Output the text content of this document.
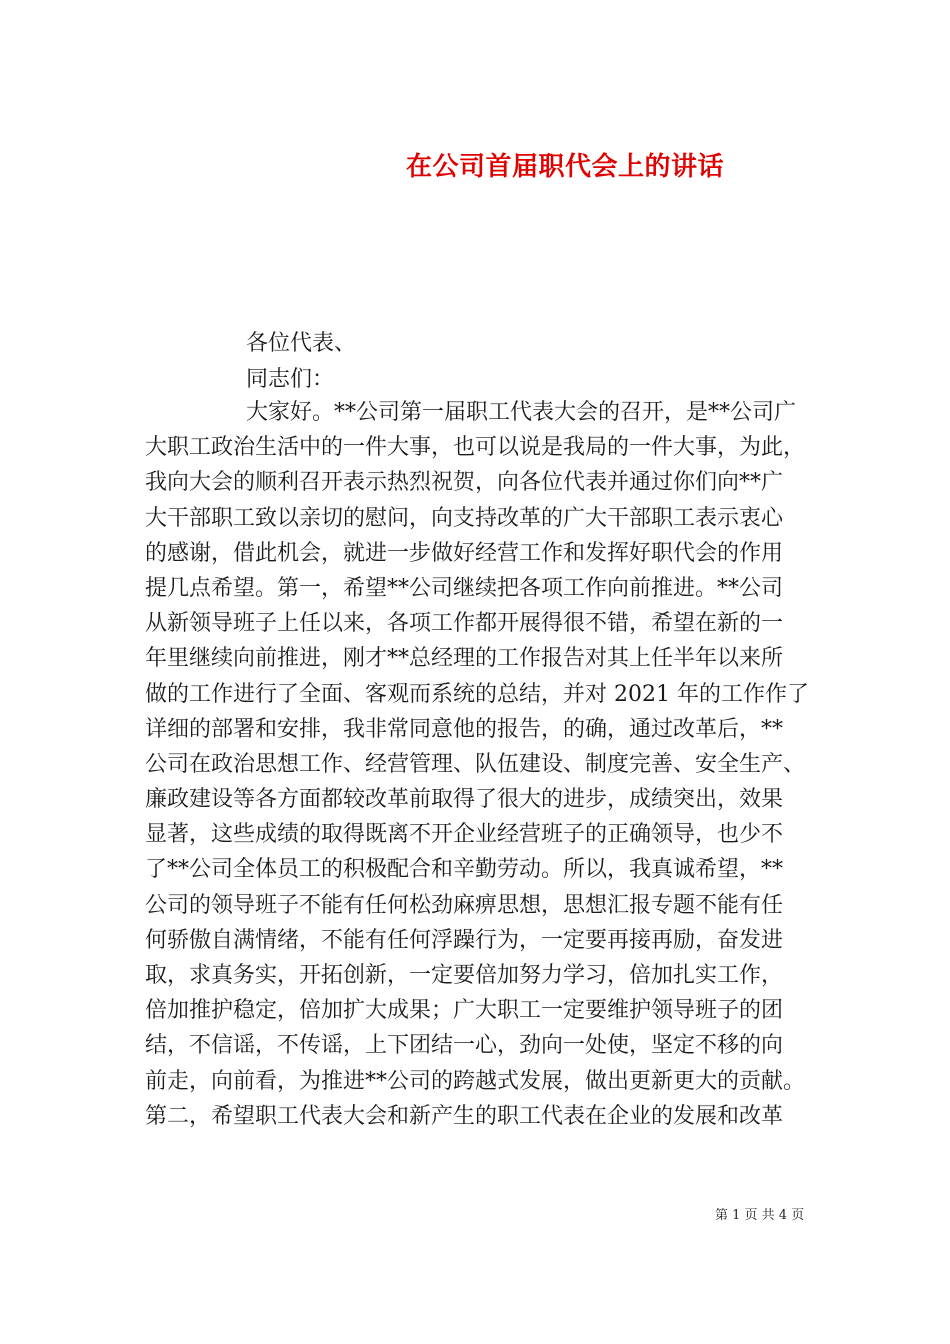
在公司首届职代会上的讲话
各位代表、
同志们：
大家好。**公司第一届职工代表大会的召开，是**公司广
大职工政治生活中的一件大事，也可以说是我局的一件大事，为此，
我向大会的顺利召开表示热烈祝贺，向各位代表并通过你们向**广
大干部职工致以亲切的慰问，向支持改革的广大干部职工表示衷心
的感谢，借此机会，就进一步做好经营工作和发挥好职代会的作用
提几点希望。第一，希望**公司继续把各项工作向前推进。**公司
从新领导班子上任以来，各项工作都开展得很不错，希望在新的一
年里继续向前推进，刚才**总经理的工作报告对其上任半年以来所
做的工作进行了全面、客观而系统的总结，并对 2021 年的工作作了
详细的部署和安排，我非常同意他的报告，的确，通过改革后，**
公司在政治思想工作、经营管理、队伍建设、制度完善、安全生产、
廉政建设等各方面都较改革前取得了很大的进步，成绩突出，效果
显著，这些成绩的取得既离不开企业经营班子的正确领导，也少不
了**公司全体员工的积极配合和辛勤劳动。所以，我真诚希望，**
公司的领导班子不能有任何松劲麻痹思想，思想汇报专题不能有任
何骄傲自满情绪，不能有任何浮躁行为，一定要再接再励，奋发进
取，求真务实，开拓创新，一定要倍加努力学习，倍加扎实工作，
倍加推护稳定，倍加扩大成果；广大职工一定要维护领导班子的团
结，不信谣，不传谣，上下团结一心，劲向一处使，坚定不移的向
前走，向前看，为推进**公司的跨越式发展，做出更新更大的贡献。
第二，希望职工代表大会和新产生的职工代表在企业的发展和改革
第 1 页 共 4 页
